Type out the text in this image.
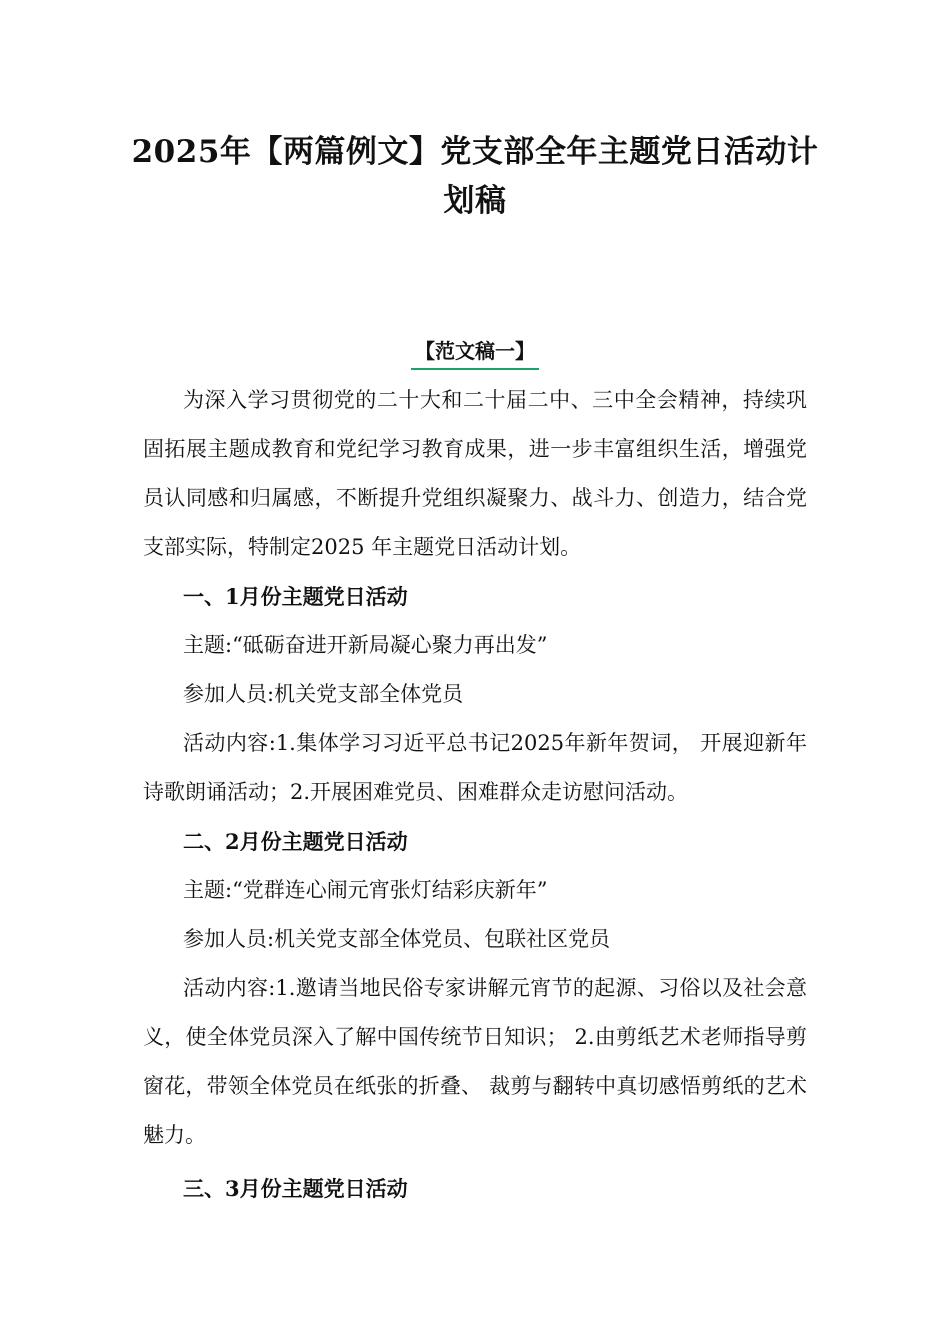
2025年【两篇例文】党支部全年主题党日活动计划稿
【范文稿一】

为深入学习贯彻党的二十大和二十届二中、三中全会精神，持续巩固拓展主题成教育和党纪学习教育成果，进一步丰富组织生活，增强党员认同感和归属感，不断提升党组织凝聚力、战斗力、创造力，结合党支部实际，特制定2025 年主题党日活动计划。

一、1月份主题党日活动

主题:“砥砺奋进开新局凝心聚力再出发”

参加人员:机关党支部全体党员

活动内容:1.集体学习习近平总书记2025年新年贺词， 开展迎新年诗歌朗诵活动；2.开展困难党员、困难群众走访慰问活动。

二、2月份主题党日活动

主题:“党群连心闹元宵张灯结彩庆新年”

参加人员:机关党支部全体党员、包联社区党员

活动内容:1.邀请当地民俗专家讲解元宵节的起源、习俗以及社会意义，使全体党员深入了解中国传统节日知识； 2.由剪纸艺术老师指导剪窗花，带领全体党员在纸张的折叠、 裁剪与翻转中真切感悟剪纸的艺术魅力。

三、3月份主题党日活动
